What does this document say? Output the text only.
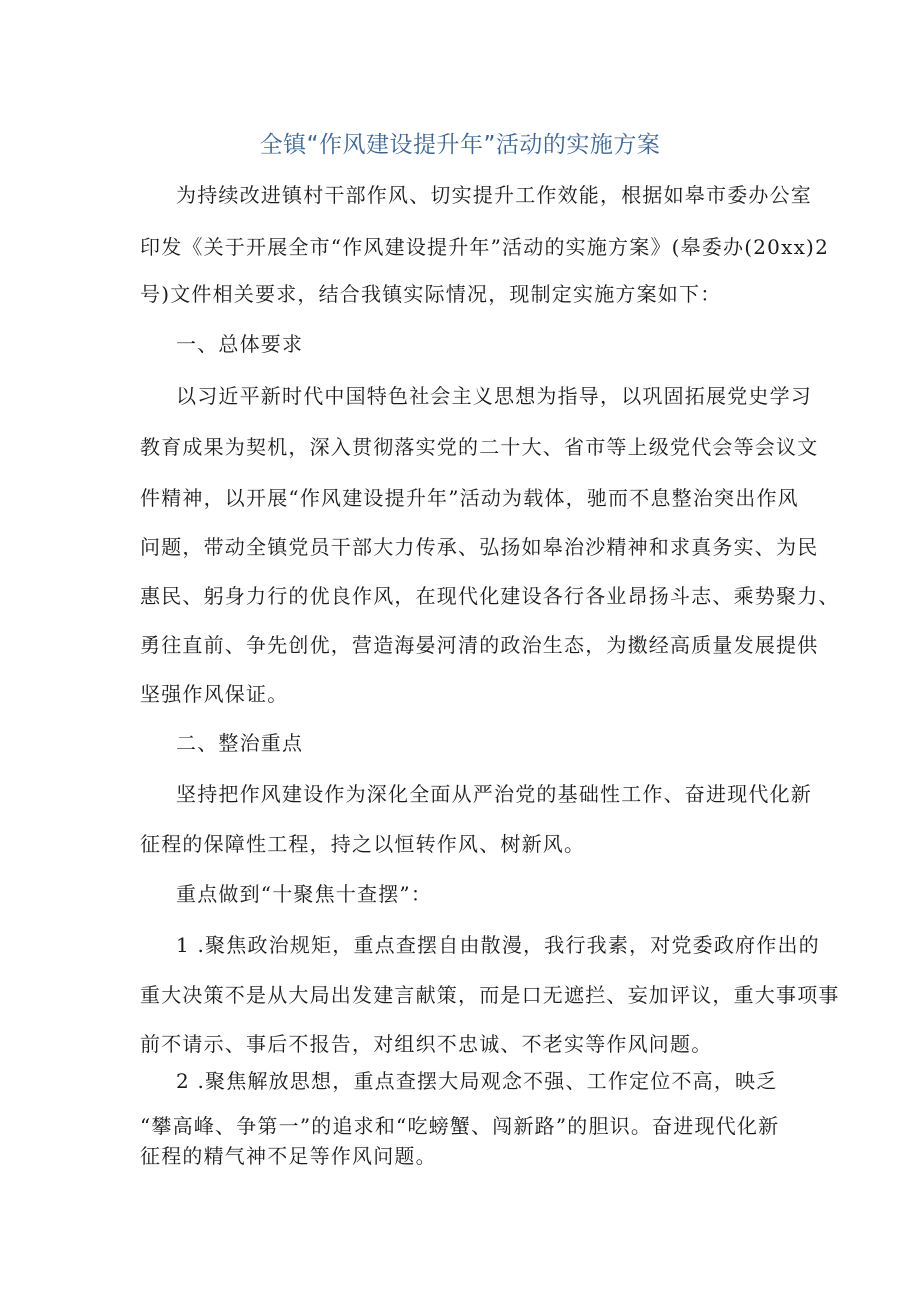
全镇“作风建设提升年”活动的实施方案
为持续改进镇村干部作风、切实提升工作效能，根据如皋市委办公室
印发《关于开展全市“作风建设提升年”活动的实施方案》(皋委办(20xx)2
号)文件相关要求，结合我镇实际情况，现制定实施方案如下：
一、总体要求
以习近平新时代中国特色社会主义思想为指导，以巩固拓展党史学习
教育成果为契机，深入贯彻落实党的二十大、省市等上级党代会等会议文
件精神，以开展“作风建设提升年”活动为载体，驰而不息整治突出作风
问题，带动全镇党员干部大力传承、弘扬如皋治沙精神和求真务实、为民
惠民、躬身力行的优良作风，在现代化建设各行各业昂扬斗志、乘势聚力、
勇往直前、争先创优，营造海晏河清的政治生态，为擞经高质量发展提供
坚强作风保证。
二、整治重点
坚持把作风建设作为深化全面从严治党的基础性工作、奋进现代化新
征程的保障性工程，持之以恒转作风、树新风。
重点做到“十聚焦十查摆”：
1 .聚焦政治规矩，重点查摆自由散漫，我行我素，对党委政府作出的
重大决策不是从大局出发建言献策，而是口无遮拦、妄加评议，重大事项事
前不请示、事后不报告，对组织不忠诚、不老实等作风问题。
2 .聚焦解放思想，重点查摆大局观念不强、工作定位不高，映乏
“攀高峰、争第一”的追求和“吃螃蟹、闯新路”的胆识。奋进现代化新
征程的精气神不足等作风问题。
